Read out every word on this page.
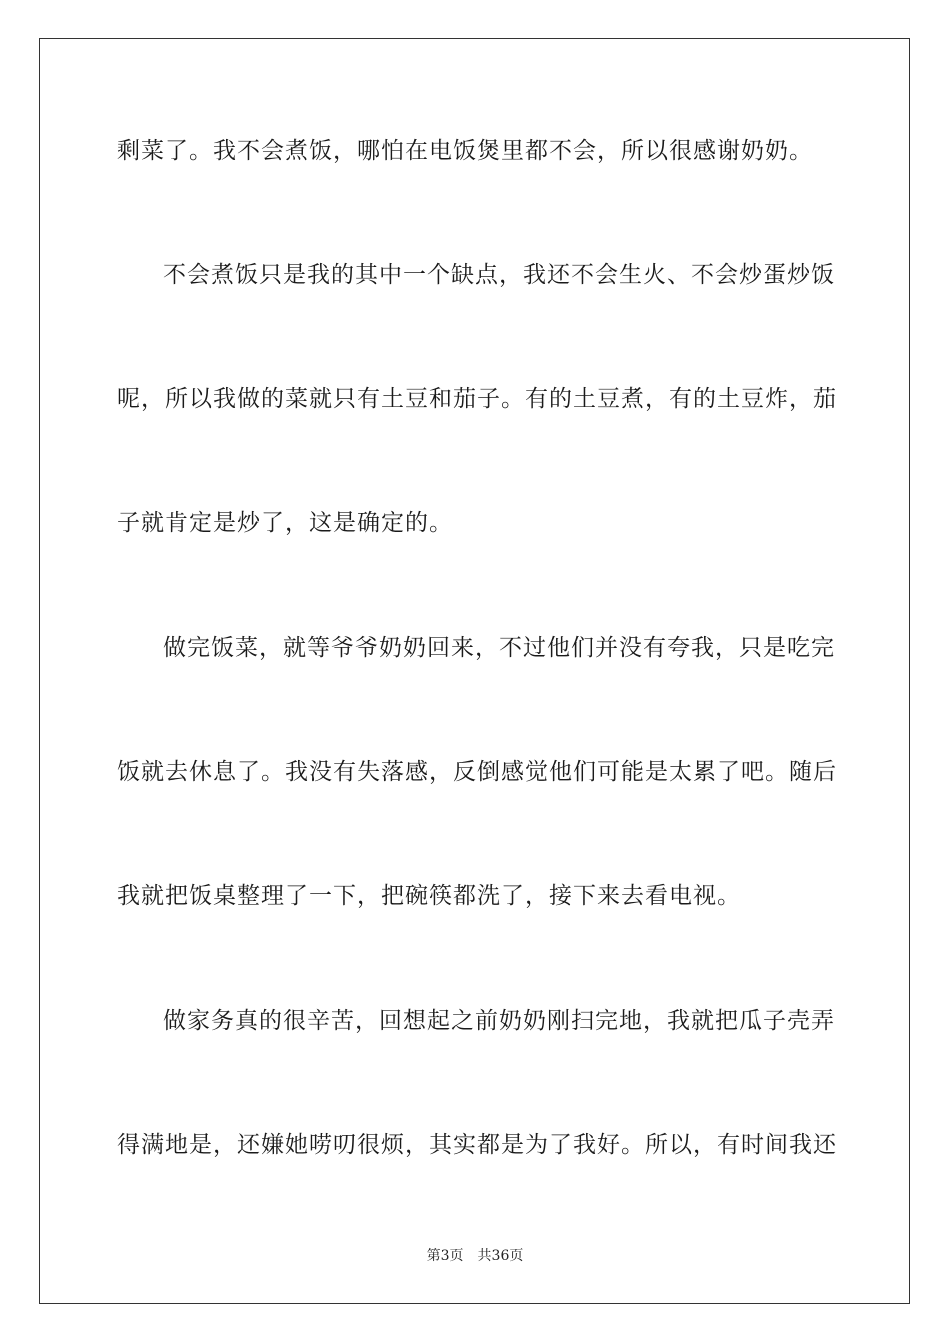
剩菜了。我不会煮饭，哪怕在电饭煲里都不会，所以很感谢奶奶。
不会煮饭只是我的其中一个缺点，我还不会生火、不会炒蛋炒饭
呢，所以我做的菜就只有土豆和茄子。有的土豆煮，有的土豆炸，茄
子就肯定是炒了，这是确定的。
做完饭菜，就等爷爷奶奶回来，不过他们并没有夸我，只是吃完
饭就去休息了。我没有失落感，反倒感觉他们可能是太累了吧。随后
我就把饭桌整理了一下，把碗筷都洗了，接下来去看电视。
做家务真的很辛苦，回想起之前奶奶刚扫完地，我就把瓜子壳弄
得满地是，还嫌她唠叨很烦，其实都是为了我好。所以，有时间我还
第3页 共36页
